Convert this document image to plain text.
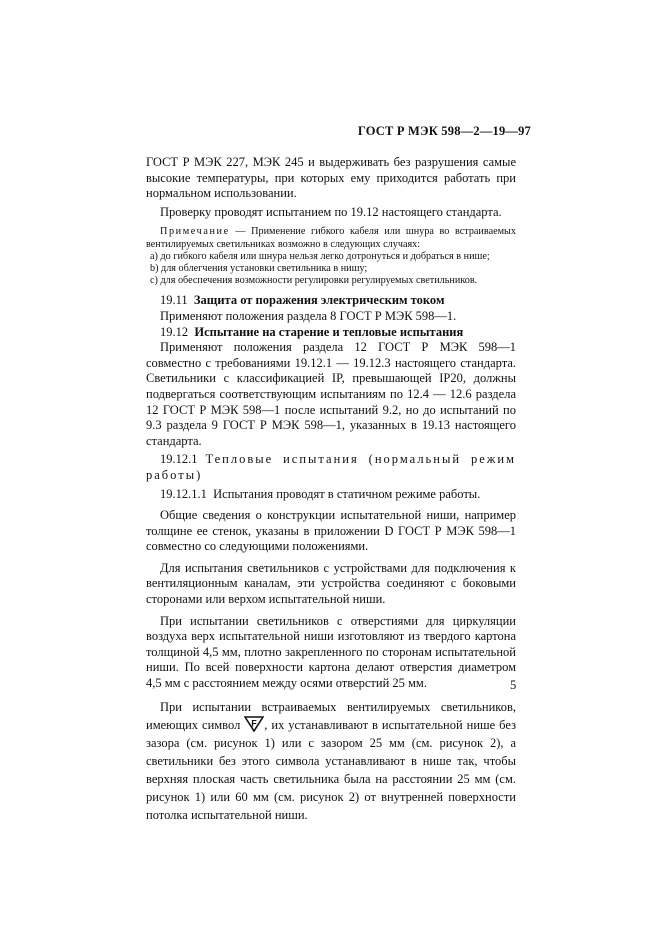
ГОСТ Р МЭК 598—2—19—97

ГОСТ Р МЭК 227, МЭК 245 и выдерживать без разрушения самые высокие температуры, при которых ему приходится работать при нормальном использовании.

Проверку проводят испытанием по 19.12 настоящего стандарта.

Примечание — Применение гибкого кабеля или шнура во встраиваемых вентилируемых светильниках возможно в следующих случаях:

а) до гибкого кабеля или шнура нельзя легко дотронуться и добраться в нише;
b) для облегчения установки светильника в нишу;
c) для обеспечения возможности регулировки регулируемых светильников.

19.11 Защита от поражения электрическим током

Применяют положения раздела 8 ГОСТ Р МЭК 598—1.

19.12 Испытание на старение и тепловые испытания

Применяют положения раздела 12 ГОСТ Р МЭК 598—1 совместно с требованиями 19.12.1 — 19.12.3 настоящего стандарта. Светильники с классификацией IP, превышающей IP20, должны подвергаться соответствующим испытаниям по 12.4 — 12.6 раздела 12 ГОСТ Р МЭК 598—1 после испытаний 9.2, но до испытаний по 9.3 раздела 9 ГОСТ Р МЭК 598—1, указанных в 19.13 настоящего стандарта.

19.12.1 Тепловые испытания (нормальный режим работы)

19.12.1.1 Испытания проводят в статичном режиме работы.

Общие сведения о конструкции испытательной ниши, например толщине ее стенок, указаны в приложении D ГОСТ Р МЭК 598—1 совместно со следующими положениями.

Для испытания светильников с устройствами для подключения к вентиляционным каналам, эти устройства соединяют с боковыми сторонами или верхом испытательной ниши.

При испытании светильников с отверстиями для циркуляции воздуха верх испытательной ниши изготовляют из твердого картона толщиной 4,5 мм, плотно закрепленного по сторонам испытательной ниши. По всей поверхности картона делают отверстия диаметром 4,5 мм с расстоянием между осями отверстий 25 мм.

При испытании встраиваемых вентилируемых светильников, имеющих символ F , их устанавливают в испытательной нише без зазора (см. рисунок 1) или с зазором 25 мм (см. рисунок 2), а светильники без этого символа устанавливают в нише так, чтобы верхняя плоская часть светильника была на расстоянии 25 мм (см. рисунок 1) или 60 мм (см. рисунок 2) от внутренней поверхности потолка испытательной ниши.

5
